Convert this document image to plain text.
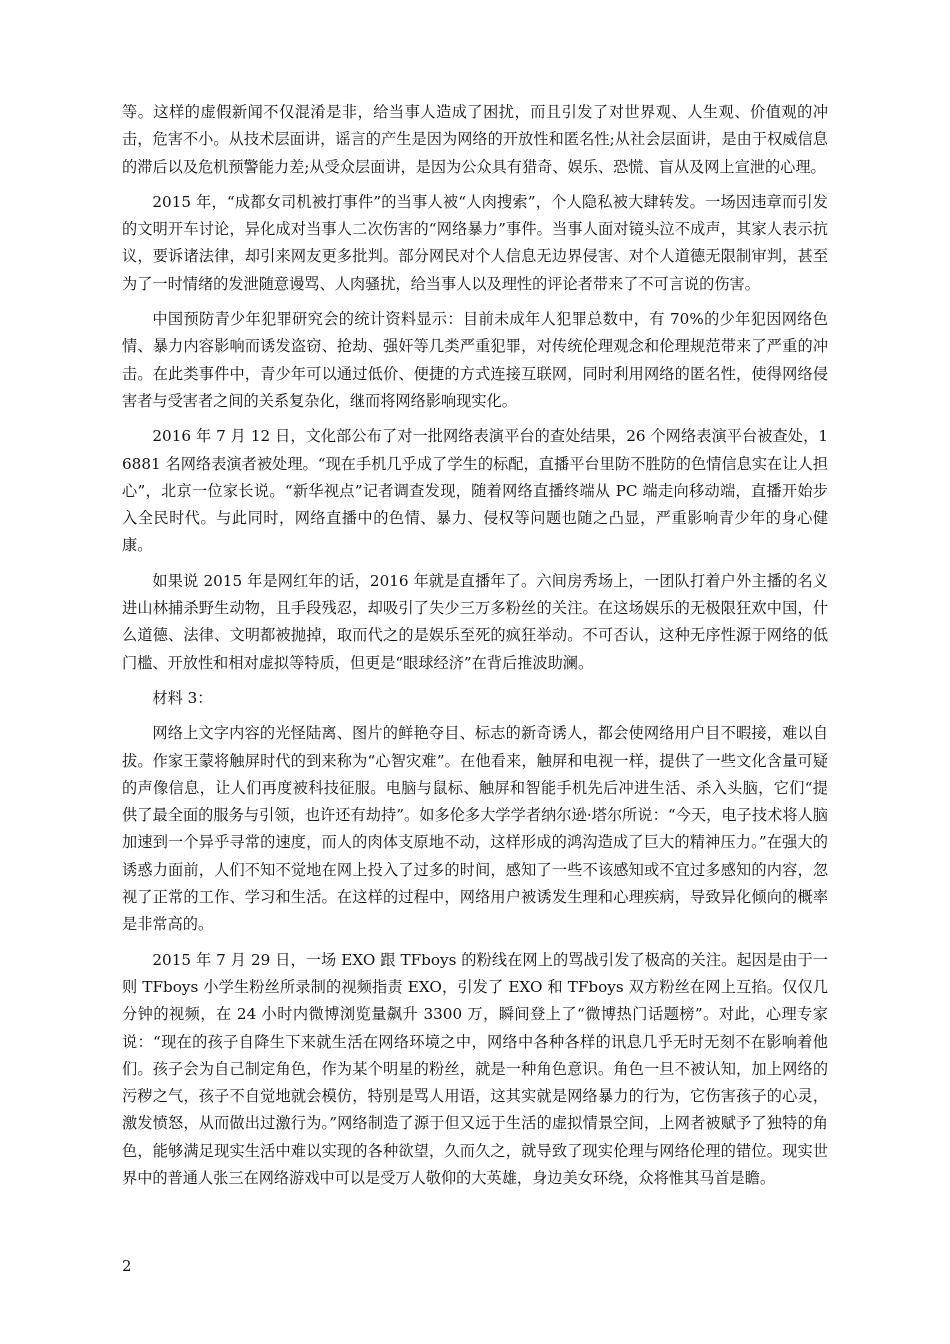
等。这样的虚假新闻不仅混淆是非，给当事人造成了困扰，而且引发了对世界观、人生观、价值观的冲击，危害不小。从技术层面讲，谣言的产生是因为网络的开放性和匿名性;从社会层面讲，是由于权威信息的滞后以及危机预警能力差;从受众层面讲，是因为公众具有猎奇、娱乐、恐慌、盲从及网上宣泄的心理。

2015 年，“成都女司机被打事件”的当事人被“人肉搜索”，个人隐私被大肆转发。一场因违章而引发的文明开车讨论，异化成对当事人二次伤害的“网络暴力”事件。当事人面对镜头泣不成声，其家人表示抗议，要诉诸法律，却引来网友更多批判。部分网民对个人信息无边界侵害、对个人道德无限制审判，甚至为了一时情绪的发泄随意谩骂、人肉骚扰，给当事人以及理性的评论者带来了不可言说的伤害。

中国预防青少年犯罪研究会的统计资料显示：目前未成年人犯罪总数中，有 70%的少年犯因网络色情、暴力内容影响而诱发盗窃、抢劫、强奸等几类严重犯罪，对传统伦理观念和伦理规范带来了严重的冲击。在此类事件中，青少年可以通过低价、便捷的方式连接互联网，同时利用网络的匿名性，使得网络侵害者与受害者之间的关系复杂化，继而将网络影响现实化。

2016 年 7 月 12 日，文化部公布了对一批网络表演平台的查处结果，26 个网络表演平台被查处，16881 名网络表演者被处理。“现在手机几乎成了学生的标配，直播平台里防不胜防的色情信息实在让人担心”，北京一位家长说。“新华视点”记者调查发现，随着网络直播终端从 PC 端走向移动端，直播开始步入全民时代。与此同时，网络直播中的色情、暴力、侵权等问题也随之凸显，严重影响青少年的身心健康。

如果说 2015 年是网红年的话，2016 年就是直播年了。六间房秀场上，一团队打着户外主播的名义进山林捕杀野生动物，且手段残忍，却吸引了失少三万多粉丝的关注。在这场娱乐的无极限狂欢中国，什么道德、法律、文明都被抛掉，取而代之的是娱乐至死的疯狂举动。不可否认，这种无序性源于网络的低门槛、开放性和相对虚拟等特质，但更是“眼球经济”在背后推波助澜。

材料 3：

网络上文字内容的光怪陆离、图片的鲜艳夺目、标志的新奇诱人，都会使网络用户目不暇接，难以自拔。作家王蒙将触屏时代的到来称为“心智灾难”。在他看来，触屏和电视一样，提供了一些文化含量可疑的声像信息，让人们再度被科技征服。电脑与鼠标、触屏和智能手机先后冲进生活、杀入头脑，它们“提供了最全面的服务与引领，也许还有劫持”。如多伦多大学学者纳尔逊·塔尔所说：“今天，电子技术将人脑加速到一个异乎寻常的速度，而人的肉体支原地不动，这样形成的鸿沟造成了巨大的精神压力。”在强大的诱惑力面前，人们不知不觉地在网上投入了过多的时间，感知了一些不该感知或不宜过多感知的内容，忽视了正常的工作、学习和生活。在这样的过程中，网络用户被诱发生理和心理疾病，导致异化倾向的概率是非常高的。

2015 年 7 月 29 日，一场 EXO 跟 TFboys 的粉线在网上的骂战引发了极高的关注。起因是由于一则 TFboys 小学生粉丝所录制的视频指责 EXO，引发了 EXO 和 TFboys 双方粉丝在网上互掐。仅仅几分钟的视频，在 24 小时内微博浏览量飙升 3300 万，瞬间登上了“微博热门话题榜”。对此，心理专家说：“现在的孩子自降生下来就生活在网络环境之中，网络中各种各样的讯息几乎无时无刻不在影响着他们。孩子会为自己制定角色，作为某个明星的粉丝，就是一种角色意识。角色一旦不被认知，加上网络的污秽之气，孩子不自觉地就会模仿，特别是骂人用语，这其实就是网络暴力的行为，它伤害孩子的心灵，激发愤怒，从而做出过激行为。”网络制造了源于但又远于生活的虚拟情景空间，上网者被赋予了独特的角色，能够满足现实生活中难以实现的各种欲望，久而久之，就导致了现实伦理与网络伦理的错位。现实世界中的普通人张三在网络游戏中可以是受万人敬仰的大英雄，身边美女环绕，众将惟其马首是瞻。

2
